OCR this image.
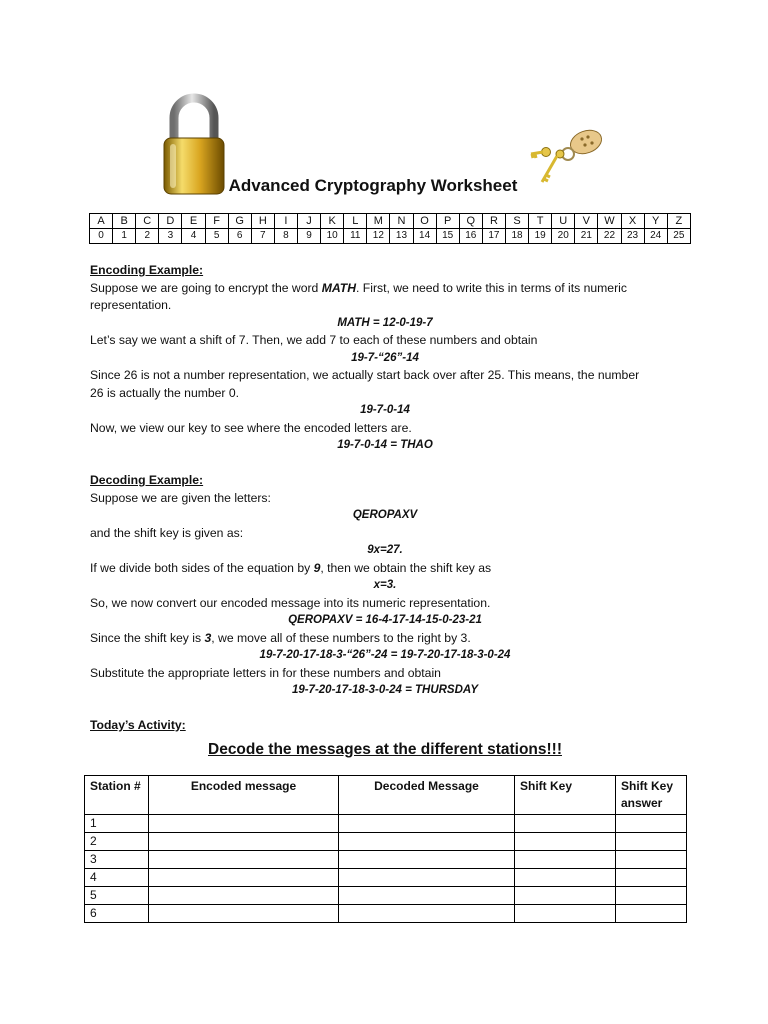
Advanced Cryptography Worksheet
A	B	C	D	E	F	G	H	I	J	K	L	M	N	O	P	Q	R	S	T	U	V	W	X	Y	Z
0	1	2	3	4	5	6	7	8	9	10	11	12	13	14	15	16	17	18	19	20	21	22	23	24	25
Encoding Example:
Suppose we are going to encrypt the word MATH. First, we need to write this in terms of its numeric
representation.
MATH = 12-0-19-7
Let’s say we want a shift of 7. Then, we add 7 to each of these numbers and obtain
19-7-“26”-14
Since 26 is not a number representation, we actually start back over after 25. This means, the number
26 is actually the number 0.
19-7-0-14
Now, we view our key to see where the encoded letters are.
19-7-0-14 = THAO
Decoding Example:
Suppose we are given the letters:
QEROPAXV
and the shift key is given as:
9x=27.
If we divide both sides of the equation by 9, then we obtain the shift key as
x=3.
So, we now convert our encoded message into its numeric representation.
QEROPAXV = 16-4-17-14-15-0-23-21
Since the shift key is 3, we move all of these numbers to the right by 3.
19-7-20-17-18-3-“26”-24 = 19-7-20-17-18-3-0-24
Substitute the appropriate letters in for these numbers and obtain
19-7-20-17-18-3-0-24 = THURSDAY
Today’s Activity:
Decode the messages at the different stations!!!
Station #	Encoded message	Decoded Message	Shift Key	Shift Key answer
1				
2				
3				
4				
5				
6				
